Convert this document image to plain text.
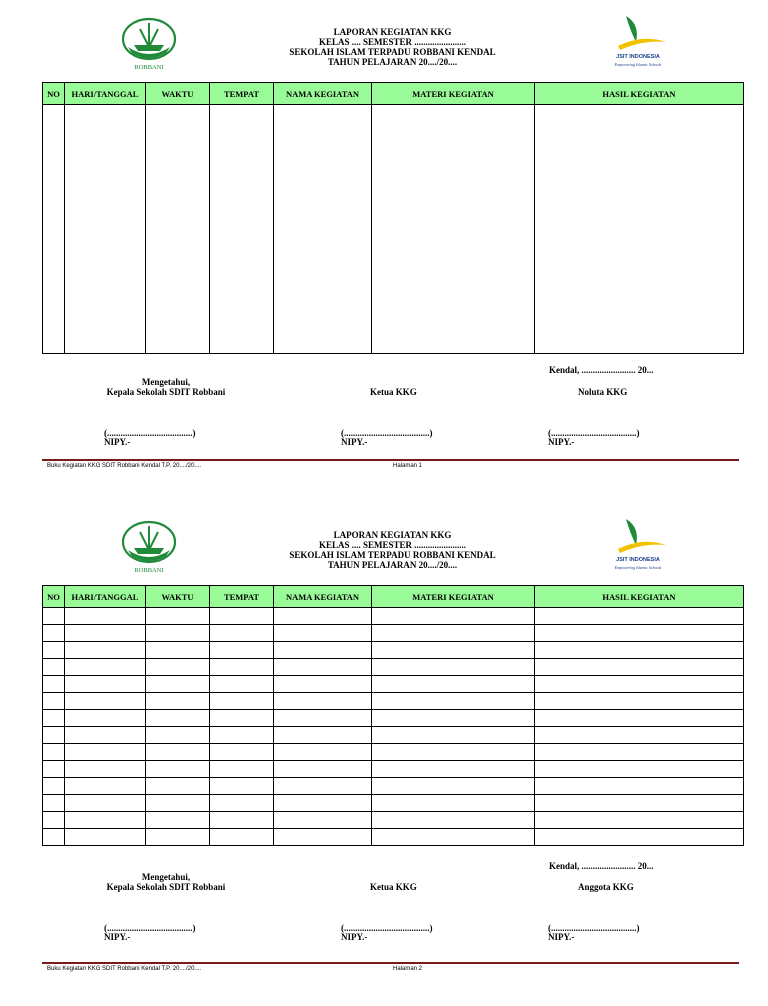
ROBBANI
LAPORAN KEGIATAN KKG
KELAS .... SEMESTER .......................
SEKOLAH ISLAM TERPADU ROBBANI KENDAL
TAHUN PELAJARAN 20..../20....	JSIT INDONESIA
Empowering Islamic Schools
NO	HARI/TANGGAL	WAKTU	TEMPAT	NAMA KEGIATAN	MATERI KEGIATAN	HASIL KEGIATAN

Kendal, ........................ 20...
Mengetahui,
Kepala Sekolah SDIT Robbani	Ketua KKG	Noluta KKG
(......................................)
NIPY.-
(......................................)
NIPY.-
(......................................)
NIPY.-
Buku Kegiatan KKG SDIT Robbani Kendal T.P. 20..../20....	Halaman 1
ROBBANI
LAPORAN KEGIATAN KKG
KELAS .... SEMESTER .......................
SEKOLAH ISLAM TERPADU ROBBANI KENDAL
TAHUN PELAJARAN 20..../20....	JSIT INDONESIA
Empowering Islamic Schools
NO	HARI/TANGGAL	WAKTU	TEMPAT	NAMA KEGIATAN	MATERI KEGIATAN	HASIL KEGIATAN

Kendal, ........................ 20...
Mengetahui,
Kepala Sekolah SDIT Robbani	Ketua KKG	Anggota KKG
(......................................)
NIPY.-
(......................................)
NIPY.-
(......................................)
NIPY.-
Buku Kegiatan KKG SDIT Robbani Kendal T.P. 20..../20....	Halaman 2
